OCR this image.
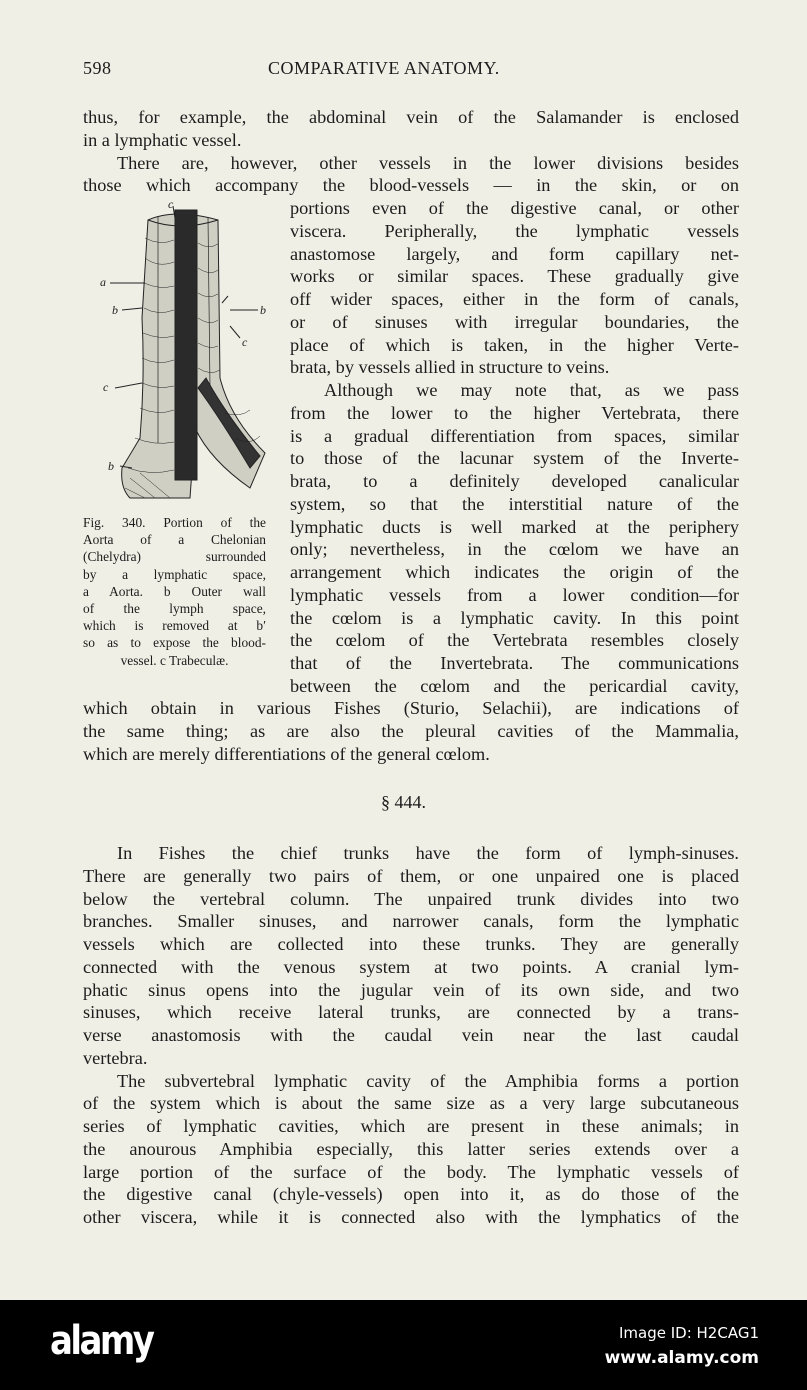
598	COMPARATIVE ANATOMY.
thus, for example, the abdominal vein of the Salamander is enclosed
in a lymphatic vessel.
There are, however, other vessels in the lower divisions besides
those which accompany the blood-vessels — in the skin, or on
portions even of the digestive canal, or other
viscera. Peripherally, the lymphatic vessels
anastomose largely, and form capillary net-
works or similar spaces. These gradually give
off wider spaces, either in the form of canals,
or of sinuses with irregular boundaries, the
place of which is taken, in the higher Verte-
brata, by vessels allied in structure to veins.
Although we may note that, as we pass
from the lower to the higher Vertebrata, there
is a gradual differentiation from spaces, similar
to those of the lacunar system of the Inverte-
brata, to a definitely developed canalicular
system, so that the interstitial nature of the
lymphatic ducts is well marked at the periphery
only; nevertheless, in the cœlom we have an
arrangement which indicates the origin of the
lymphatic vessels from a lower condition—for
the cœlom is a lymphatic cavity. In this point
the cœlom of the Vertebrata resembles closely
that of the Invertebrata. The communications
between the cœlom and the pericardial cavity,
which obtain in various Fishes (Sturio, Selachii), are indications of
the same thing; as are also the pleural cavities of the Mammalia,
which are merely differentiations of the general cœlom.
In Fishes the chief trunks have the form of lymph-sinuses.
There are generally two pairs of them, or one unpaired one is placed
below the vertebral column. The unpaired trunk divides into two
branches. Smaller sinuses, and narrower canals, form the lymphatic
vessels which are collected into these trunks. They are generally
connected with the venous system at two points. A cranial lym-
phatic sinus opens into the jugular vein of its own side, and two
sinuses, which receive lateral trunks, are connected by a trans-
verse anastomosis with the caudal vein near the last caudal
vertebra.
The subvertebral lymphatic cavity of the Amphibia forms a portion
of the system which is about the same size as a very large subcutaneous
series of lymphatic cavities, which are present in these animals; in
the anourous Amphibia especially, this latter series extends over a
large portion of the surface of the body. The lymphatic vessels of
the digestive canal (chyle-vessels) open into it, as do those of the
other viscera, while it is connected also with the lymphatics of the
§ 444.
Fig. 340. Portion of the
Aorta of a Chelonian
(Chelydra) surrounded
by a lymphatic space,
a Aorta. b Outer wall
of the lymph space,
which is removed at b′
so as to expose the blood-
vessel. c Trabeculæ.
c
a
b	b
c
c
b
alamy	Image ID: H2CAG1
www.alamy.com
